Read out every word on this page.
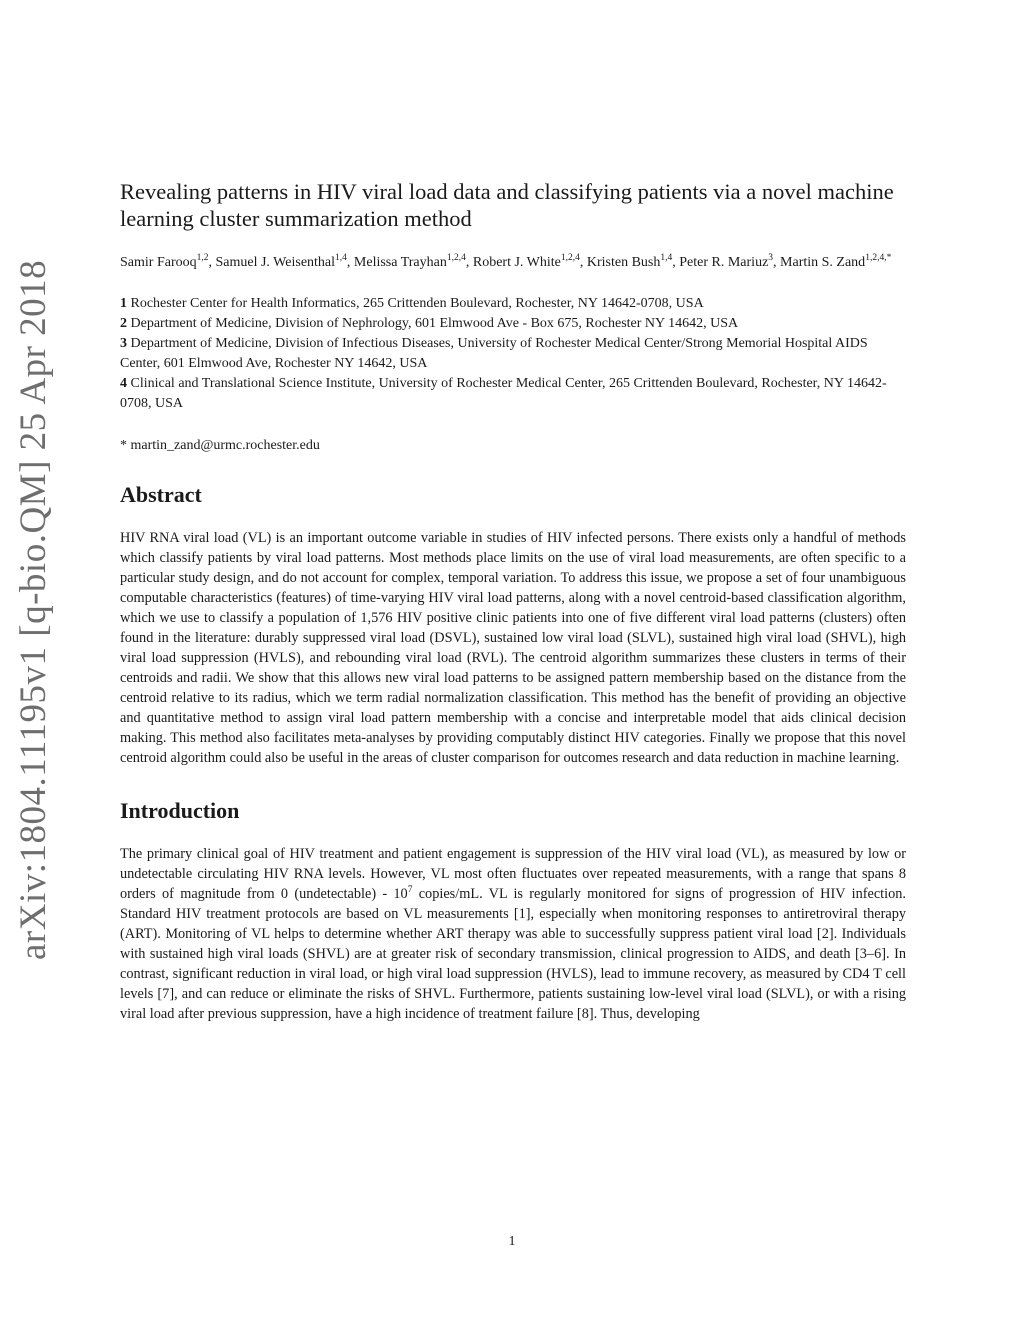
arXiv:1804.11195v1 [q-bio.QM] 25 Apr 2018
Revealing patterns in HIV viral load data and classifying patients via a novel machine learning cluster summarization method

Samir Farooq$^{1,2}$, Samuel J. Weisenthal$^{1,4}$, Melissa Trayhan$^{1,2,4}$, Robert J. White$^{1,2,4}$, Kristen Bush$^{1,4}$, Peter R. Mariuz$^3$, Martin S. Zand$^{1,2,4,*}$

1 Rochester Center for Health Informatics, 265 Crittenden Boulevard, Rochester, NY 14642-0708, USA

2 Department of Medicine, Division of Nephrology, 601 Elmwood Ave - Box 675, Rochester NY 14642, USA

3 Department of Medicine, Division of Infectious Diseases, University of Rochester Medical Center/Strong Memorial Hospital AIDS Center, 601 Elmwood Ave, Rochester NY 14642, USA

4 Clinical and Translational Science Institute, University of Rochester Medical Center, 265 Crittenden Boulevard, Rochester, NY 14642-0708, USA

* martin_zand@urmc.rochester.edu

Abstract

HIV RNA viral load (VL) is an important outcome variable in studies of HIV infected persons. There exists only a handful of methods which classify patients by viral load patterns. Most methods place limits on the use of viral load measurements, are often specific to a particular study design, and do not account for complex, temporal variation. To address this issue, we propose a set of four unambiguous computable characteristics (features) of time-varying HIV viral load patterns, along with a novel centroid-based classification algorithm, which we use to classify a population of 1,576 HIV positive clinic patients into one of five different viral load patterns (clusters) often found in the literature: durably suppressed viral load (DSVL), sustained low viral load (SLVL), sustained high viral load (SHVL), high viral load suppression (HVLS), and rebounding viral load (RVL). The centroid algorithm summarizes these clusters in terms of their centroids and radii. We show that this allows new viral load patterns to be assigned pattern membership based on the distance from the centroid relative to its radius, which we term radial normalization classification. This method has the benefit of providing an objective and quantitative method to assign viral load pattern membership with a concise and interpretable model that aids clinical decision making. This method also facilitates meta-analyses by providing computably distinct HIV categories. Finally we propose that this novel centroid algorithm could also be useful in the areas of cluster comparison for outcomes research and data reduction in machine learning.

Introduction

The primary clinical goal of HIV treatment and patient engagement is suppression of the HIV viral load (VL), as measured by low or undetectable circulating HIV RNA levels. However, VL most often fluctuates over repeated measurements, with a range that spans 8 orders of magnitude from 0 (undetectable) - $10^7$ copies/mL. VL is regularly monitored for signs of progression of HIV infection. Standard HIV treatment protocols are based on VL measurements [1], especially when monitoring responses to antiretroviral therapy (ART). Monitoring of VL helps to determine whether ART therapy was able to successfully suppress patient viral load [2]. Individuals with sustained high viral loads (SHVL) are at greater risk of secondary transmission, clinical progression to AIDS, and death [3–6]. In contrast, significant reduction in viral load, or high viral load suppression (HVLS), lead to immune recovery, as measured by CD4 T cell levels [7], and can reduce or eliminate the risks of SHVL. Furthermore, patients sustaining low-level viral load (SLVL), or with a rising viral load after previous suppression, have a high incidence of treatment failure [8]. Thus, developing

1
